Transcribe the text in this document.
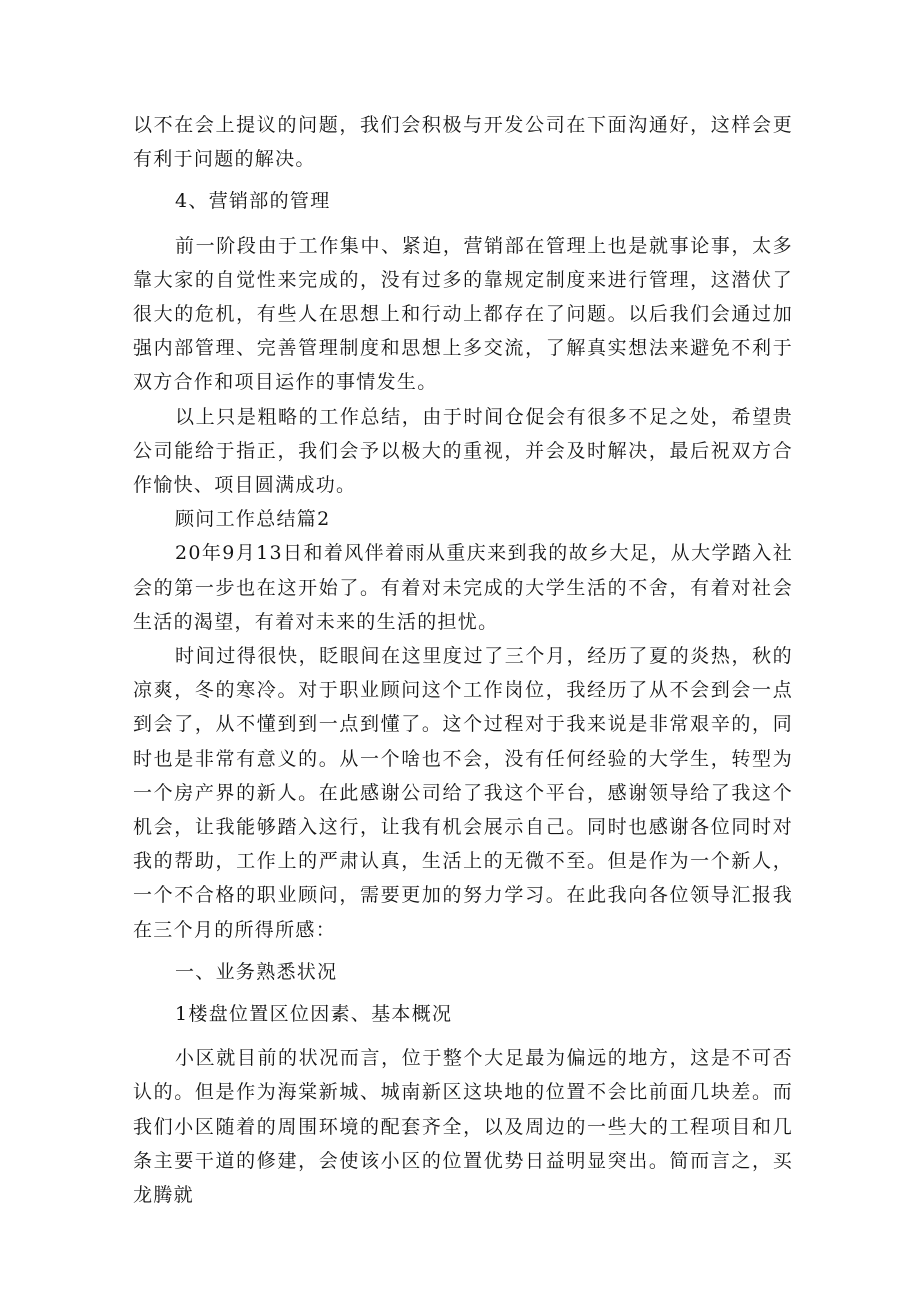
以不在会上提议的问题，我们会积极与开发公司在下面沟通好，这样会更有利于问题的解决。

4、营销部的管理

前一阶段由于工作集中、紧迫，营销部在管理上也是就事论事，太多靠大家的自觉性来完成的，没有过多的靠规定制度来进行管理，这潜伏了很大的危机，有些人在思想上和行动上都存在了问题。以后我们会通过加强内部管理、完善管理制度和思想上多交流，了解真实想法来避免不利于双方合作和项目运作的事情发生。

以上只是粗略的工作总结，由于时间仓促会有很多不足之处，希望贵公司能给于指正，我们会予以极大的重视，并会及时解决，最后祝双方合作愉快、项目圆满成功。

顾问工作总结篇2

20年9月13日和着风伴着雨从重庆来到我的故乡大足，从大学踏入社会的第一步也在这开始了。有着对未完成的大学生活的不舍，有着对社会生活的渴望，有着对未来的生活的担忧。

时间过得很快，眨眼间在这里度过了三个月，经历了夏的炎热，秋的凉爽，冬的寒冷。对于职业顾问这个工作岗位，我经历了从不会到会一点到会了，从不懂到到一点到懂了。这个过程对于我来说是非常艰辛的，同时也是非常有意义的。从一个啥也不会，没有任何经验的大学生，转型为一个房产界的新人。在此感谢公司给了我这个平台，感谢领导给了我这个机会，让我能够踏入这行，让我有机会展示自己。同时也感谢各位同时对我的帮助，工作上的严肃认真，生活上的无微不至。但是作为一个新人，一个不合格的职业顾问，需要更加的努力学习。在此我向各位领导汇报我在三个月的所得所感：

一、业务熟悉状况

1楼盘位置区位因素、基本概况

小区就目前的状况而言，位于整个大足最为偏远的地方，这是不可否认的。但是作为海棠新城、城南新区这块地的位置不会比前面几块差。而我们小区随着的周围环境的配套齐全，以及周边的一些大的工程项目和几条主要干道的修建，会使该小区的位置优势日益明显突出。简而言之，买龙腾就
